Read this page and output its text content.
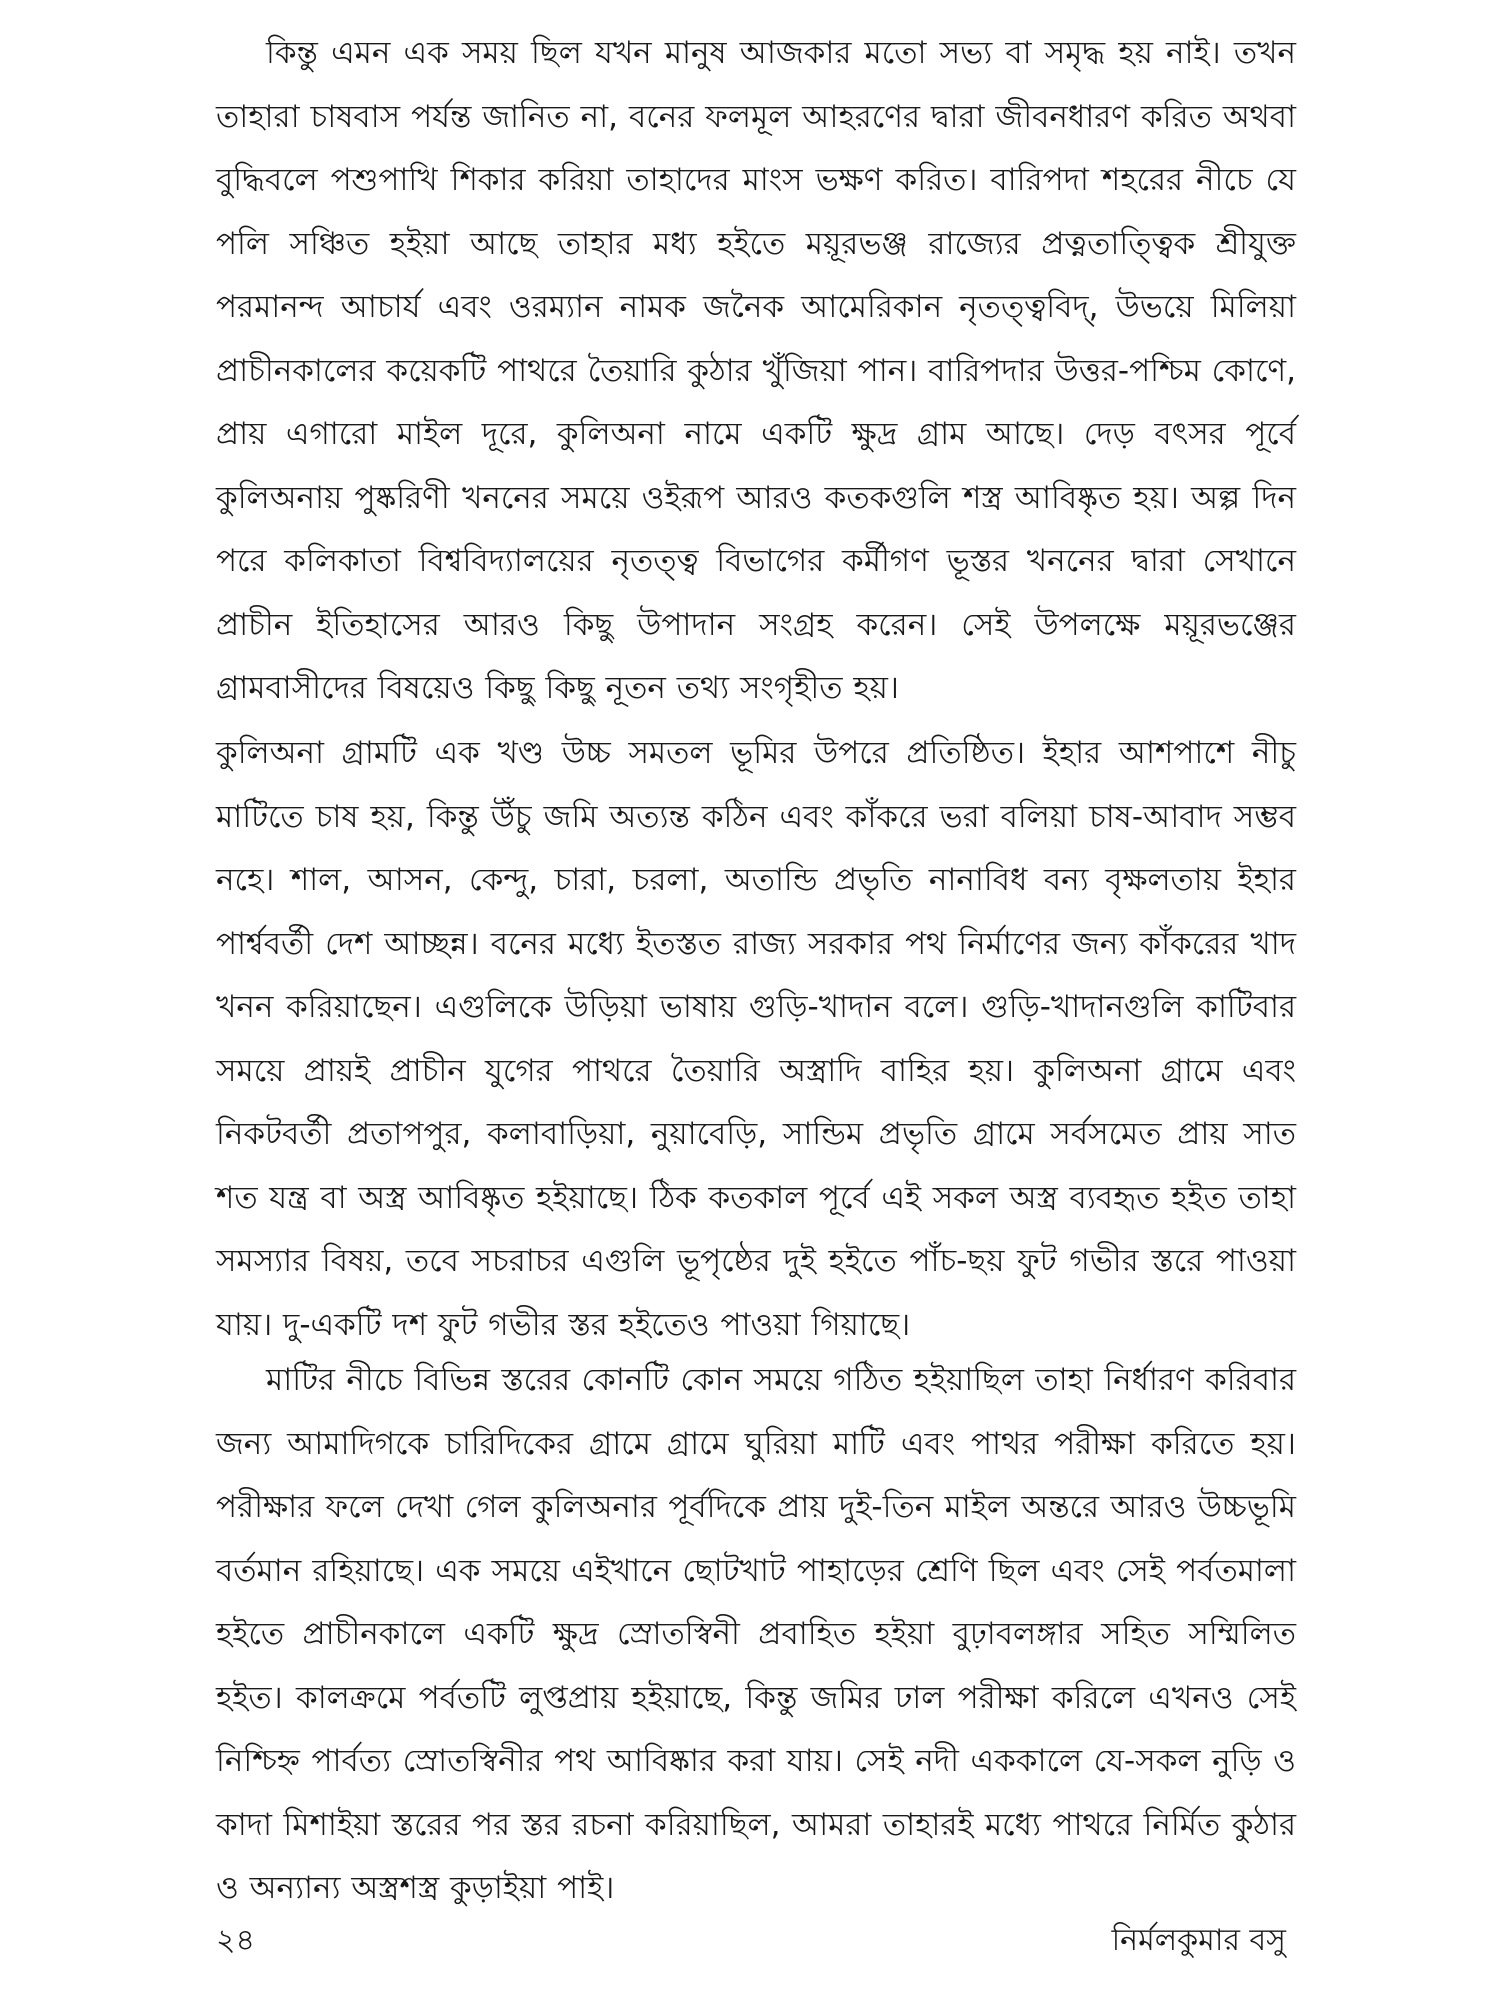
কিন্তু এমন এক সময় ছিল যখন মানুষ আজকার মতো সভ্য বা সমৃদ্ধ হয় নাই। তখন তাহারা চাষবাস পর্যন্ত জানিত না, বনের ফলমূল আহরণের দ্বারা জীবনধারণ করিত অথবা বুদ্ধিবলে পশুপাখি শিকার করিয়া তাহাদের মাংস ভক্ষণ করিত। বারিপদা শহরের নীচে যে পলি সঞ্চিত হইয়া আছে তাহার মধ্য হইতে ময়ূরভঞ্জ রাজ্যের প্রত্নতাত্ত্বিক শ্রীযুক্ত পরমানন্দ আচার্য এবং ওরম্যান নামক জনৈক আমেরিকান নৃতত্ত্ববিদ্, উভয়ে মিলিয়া প্রাচীনকালের কয়েকটি পাথরে তৈয়ারি কুঠার খুঁজিয়া পান। বারিপদার উত্তর-পশ্চিম কোণে, প্রায় এগারো মাইল দূরে, কুলিঅনা নামে একটি ক্ষুদ্র গ্রাম আছে। দেড় বৎসর পূর্বে কুলিঅনায় পুষ্করিণী খননের সময়ে ওইরূপ আরও কতকগুলি শস্ত্র আবিষ্কৃত হয়। অল্প দিন পরে কলিকাতা বিশ্ববিদ্যালয়ের নৃতত্ত্ব বিভাগের কর্মীগণ ভূস্তর খননের দ্বারা সেখানে প্রাচীন ইতিহাসের আরও কিছু উপাদান সংগ্রহ করেন। সেই উপলক্ষে ময়ূরভঞ্জের গ্রামবাসীদের বিষয়েও কিছু কিছু নূতন তথ্য সংগৃহীত হয়।

কুলিঅনা গ্রামটি এক খণ্ড উচ্চ সমতল ভূমির উপরে প্রতিষ্ঠিত। ইহার আশপাশে নীচু মাটিতে চাষ হয়, কিন্তু উঁচু জমি অত্যন্ত কঠিন এবং কাঁকরে ভরা বলিয়া চাষ-আবাদ সম্ভব নহে। শাল, আসন, কেন্দু, চারা, চরলা, অতান্ডি প্রভৃতি নানাবিধ বন্য বৃক্ষলতায় ইহার পার্শ্ববর্তী দেশ আচ্ছন্ন। বনের মধ্যে ইতস্তত রাজ্য সরকার পথ নির্মাণের জন্য কাঁকরের খাদ খনন করিয়াছেন। এগুলিকে উড়িয়া ভাষায় গুড়ি-খাদান বলে। গুড়ি-খাদানগুলি কাটিবার সময়ে প্রায়ই প্রাচীন যুগের পাথরে তৈয়ারি অস্ত্রাদি বাহির হয়। কুলিঅনা গ্রামে এবং নিকটবর্তী প্রতাপপুর, কলাবাড়িয়া, নুয়াবেড়ি, সান্ডিম প্রভৃতি গ্রামে সর্বসমেত প্রায় সাত শত যন্ত্র বা অস্ত্র আবিষ্কৃত হইয়াছে। ঠিক কতকাল পূর্বে এই সকল অস্ত্র ব্যবহৃত হইত তাহা সমস্যার বিষয়, তবে সচরাচর এগুলি ভূপৃষ্ঠের দুই হইতে পাঁচ-ছয় ফুট গভীর স্তরে পাওয়া যায়। দু-একটি দশ ফুট গভীর স্তর হইতেও পাওয়া গিয়াছে।

মাটির নীচে বিভিন্ন স্তরের কোনটি কোন সময়ে গঠিত হইয়াছিল তাহা নির্ধারণ করিবার জন্য আমাদিগকে চারিদিকের গ্রামে গ্রামে ঘুরিয়া মাটি এবং পাথর পরীক্ষা করিতে হয়। পরীক্ষার ফলে দেখা গেল কুলিঅনার পূর্বদিকে প্রায় দুই-তিন মাইল অন্তরে আরও উচ্চভূমি বর্তমান রহিয়াছে। এক সময়ে এইখানে ছোটখাট পাহাড়ের শ্রেণি ছিল এবং সেই পর্বতমালা হইতে প্রাচীনকালে একটি ক্ষুদ্র স্রোতস্বিনী প্রবাহিত হইয়া বুঢ়াবলঙ্গার সহিত সম্মিলিত হইত। কালক্রমে পর্বতটি লুপ্তপ্রায় হইয়াছে, কিন্তু জমির ঢাল পরীক্ষা করিলে এখনও সেই নিশ্চিহ্ন পার্বত্য স্রোতস্বিনীর পথ আবিষ্কার করা যায়। সেই নদী এককালে যে-সকল নুড়ি ও কাদা মিশাইয়া স্তরের পর স্তর রচনা করিয়াছিল, আমরা তাহারই মধ্যে পাথরে নির্মিত কুঠার ও অন্যান্য অস্ত্রশস্ত্র কুড়াইয়া পাই।

২৪	নির্মলকুমার বসু
